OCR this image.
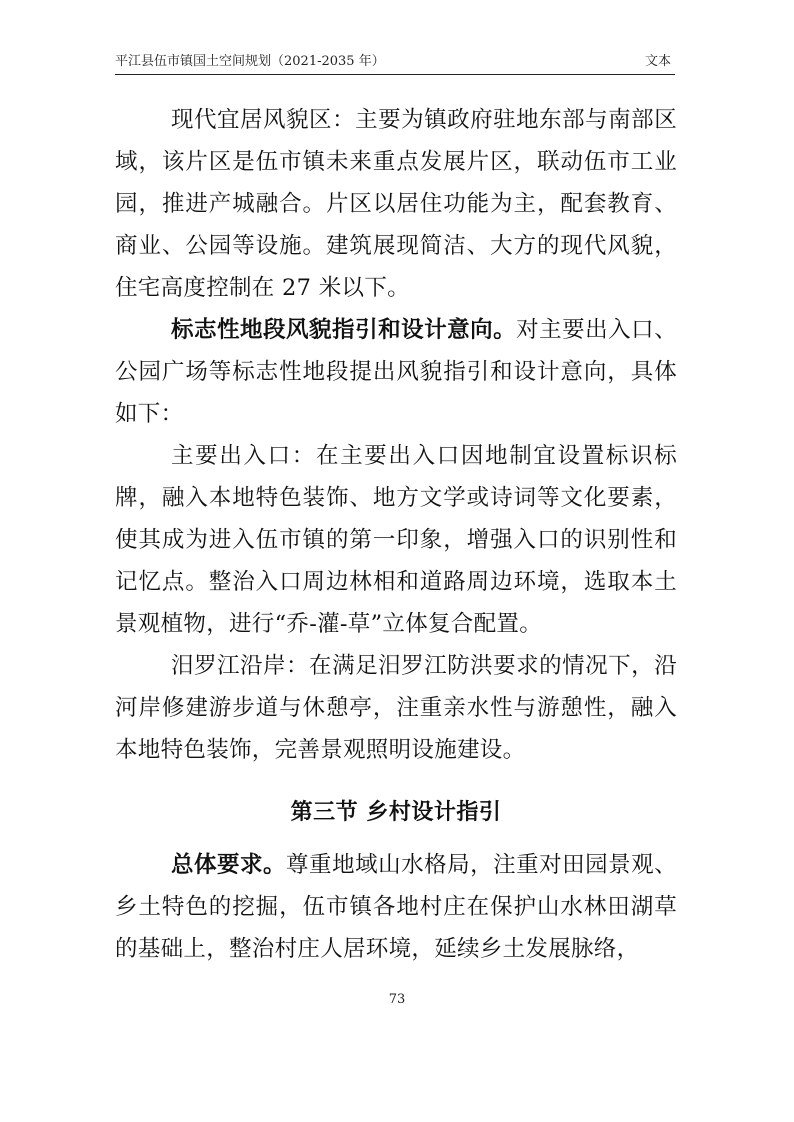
平江县伍市镇国土空间规划（2021-2035 年）	文本

现代宜居风貌区：主要为镇政府驻地东部与南部区域，该片区是伍市镇未来重点发展片区，联动伍市工业园，推进产城融合。片区以居住功能为主，配套教育、商业、公园等设施。建筑展现简洁、大方的现代风貌，住宅高度控制在 27 米以下。

标志性地段风貌指引和设计意向。对主要出入口、公园广场等标志性地段提出风貌指引和设计意向，具体如下：

主要出入口：在主要出入口因地制宜设置标识标牌，融入本地特色装饰、地方文学或诗词等文化要素，使其成为进入伍市镇的第一印象，增强入口的识别性和记忆点。整治入口周边林相和道路周边环境，选取本土景观植物，进行“乔-灌-草”立体复合配置。

汨罗江沿岸：在满足汨罗江防洪要求的情况下，沿河岸修建游步道与休憩亭，注重亲水性与游憩性，融入本地特色装饰，完善景观照明设施建设。

第三节 乡村设计指引

总体要求。尊重地域山水格局，注重对田园景观、乡土特色的挖掘，伍市镇各地村庄在保护山水林田湖草的基础上，整治村庄人居环境，延续乡土发展脉络，

73
